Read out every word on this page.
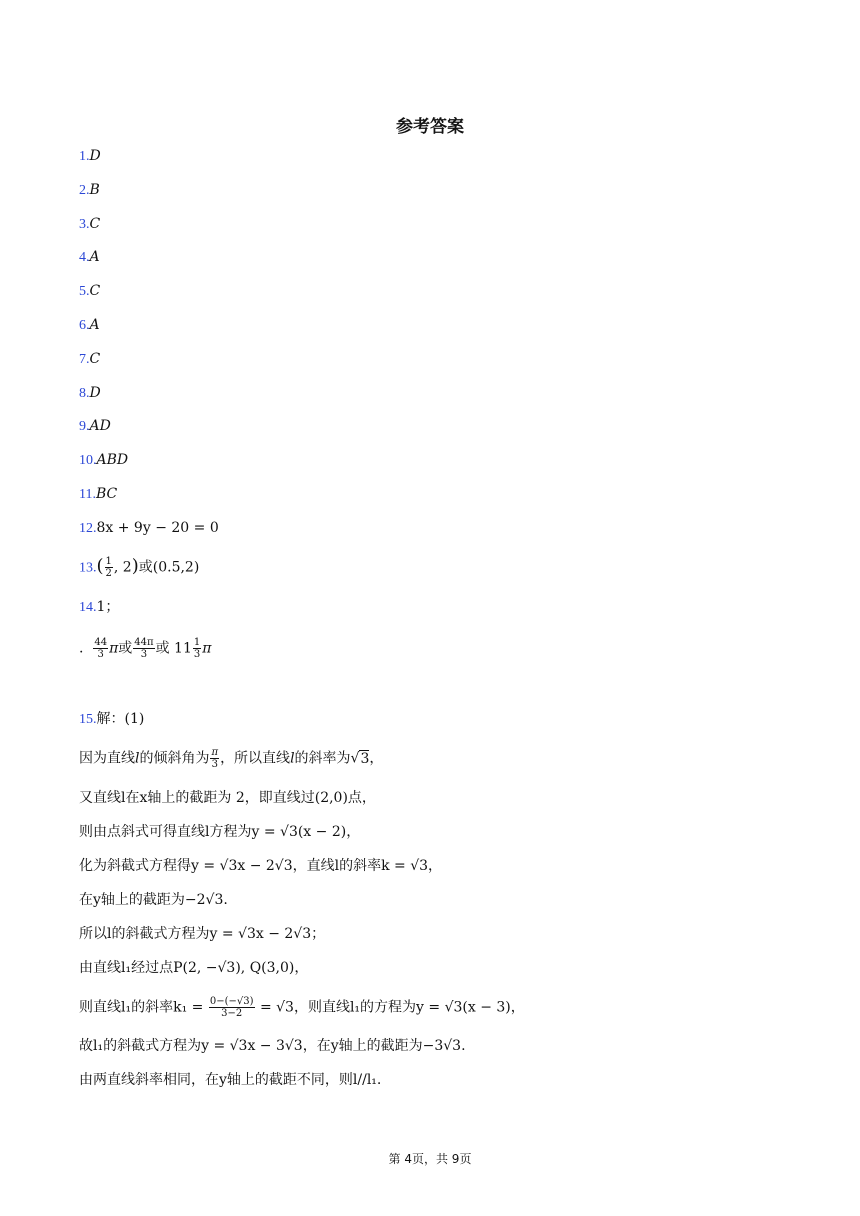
参考答案
1.D
2.B
3.C
4.A
5.C
6.A
7.C
8.D
9.AD
10.ABD
11.BC
12.8x + 9y − 20 = 0
$13.( \frac{1}{2}$ , 2)或(0.5,2)
14.1；
. $\frac{44}{3}$ π或 $\frac{44\pi}{3}$ 或 $11 \frac{1}{3}$ π
15.解：(1)
因为直线l的倾斜角为 $\frac{\pi}{3}$ ，所以直线l的斜率为√3，
又直线l在x轴上的截距为 2，即直线过(2,0)点，
则由点斜式可得直线l方程为y = √3(x − 2)，
化为斜截式方程得y = √3x − 2√3，直线l的斜率k = √3，
在y轴上的截距为−2√3.
所以l的斜截式方程为y = √3x − 2√3；
由直线l₁经过点P(2, −√3), Q(3,0)，
则直线l₁的斜率$k_1 = \frac{0-(-√3)}{3-2} = √3$，则直线l₁的方程为y = √3(x − 3)，
故l₁的斜截式方程为y = √3x − 3√3，在y轴上的截距为−3√3.
由两直线斜率相同，在y轴上的截距不同，则l//l₁.
第 4页，共 9页
